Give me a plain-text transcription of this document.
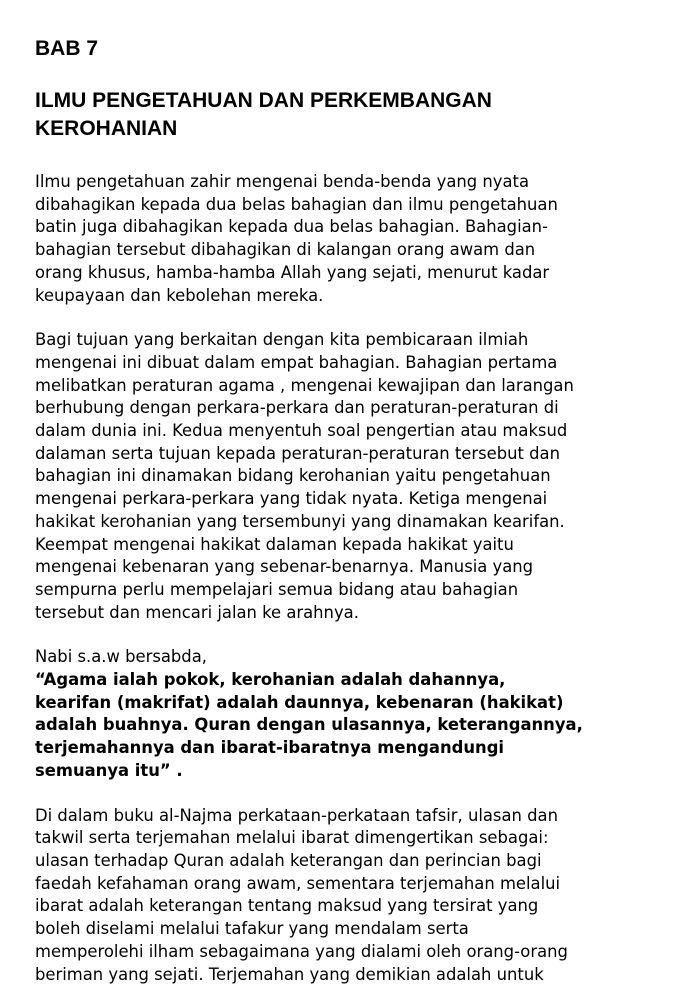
BAB 7
ILMU PENGETAHUAN DAN PERKEMBANGAN
KEROHANIAN

Ilmu pengetahuan zahir mengenai benda-benda yang nyata
dibahagikan kepada dua belas bahagian dan ilmu pengetahuan
batin juga dibahagikan kepada dua belas bahagian. Bahagian-
bahagian tersebut dibahagikan di kalangan orang awam dan
orang khusus, hamba-hamba Allah yang sejati, menurut kadar
keupayaan dan kebolehan mereka.

Bagi tujuan yang berkaitan dengan kita pembicaraan ilmiah
mengenai ini dibuat dalam empat bahagian. Bahagian pertama
melibatkan peraturan agama , mengenai kewajipan dan larangan
berhubung dengan perkara-perkara dan peraturan-peraturan di
dalam dunia ini. Kedua menyentuh soal pengertian atau maksud
dalaman serta tujuan kepada peraturan-peraturan tersebut dan
bahagian ini dinamakan bidang kerohanian yaitu pengetahuan
mengenai perkara-perkara yang tidak nyata. Ketiga mengenai
hakikat kerohanian yang tersembunyi yang dinamakan kearifan.
Keempat mengenai hakikat dalaman kepada hakikat yaitu
mengenai kebenaran yang sebenar-benarnya. Manusia yang
sempurna perlu mempelajari semua bidang atau bahagian
tersebut dan mencari jalan ke arahnya.

Nabi s.a.w bersabda,
“Agama ialah pokok, kerohanian adalah dahannya,
kearifan (makrifat) adalah daunnya, kebenaran (hakikat)
adalah buahnya. Quran dengan ulasannya, keterangannya,
terjemahannya dan ibarat-ibaratnya mengandungi
semuanya itu” .

Di dalam buku al-Najma perkataan-perkataan tafsir, ulasan dan
takwil serta terjemahan melalui ibarat dimengertikan sebagai:
ulasan terhadap Quran adalah keterangan dan perincian bagi
faedah kefahaman orang awam, sementara terjemahan melalui
ibarat adalah keterangan tentang maksud yang tersirat yang
boleh diselami melalui tafakur yang mendalam serta
memperolehi ilham sebagaimana yang dialami oleh orang-orang
beriman yang sejati. Terjemahan yang demikian adalah untuk
